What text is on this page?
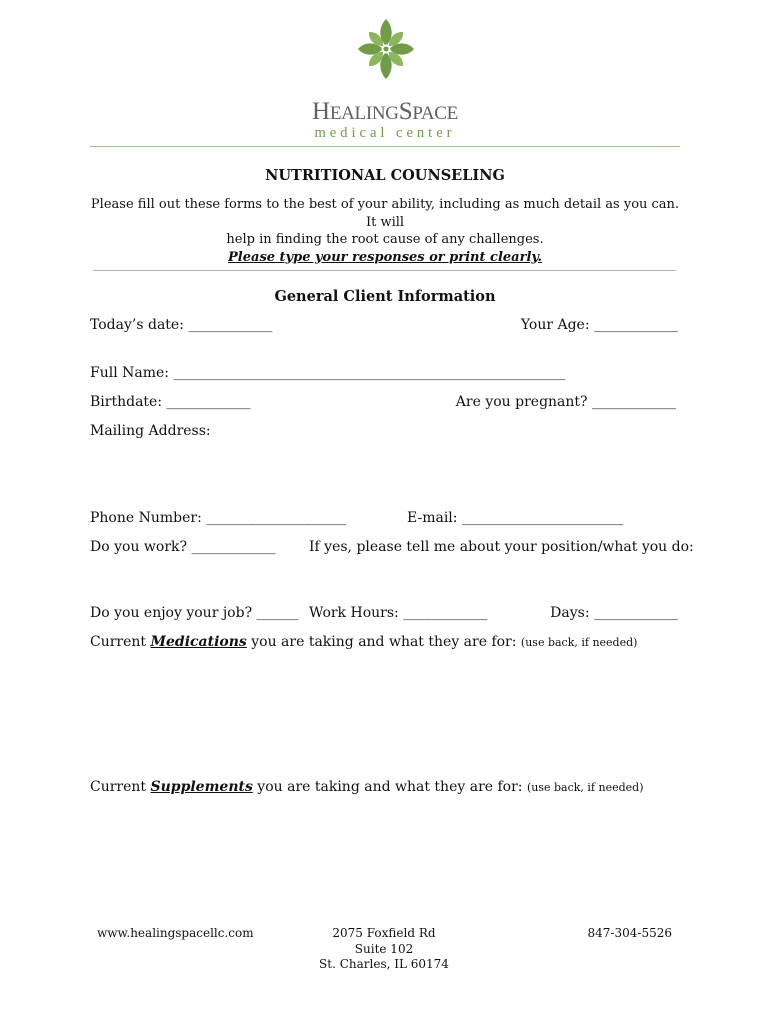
HEALINGSPACE
medical center
NUTRITIONAL COUNSELING
Please fill out these forms to the best of your ability, including as much detail as you can. It will
help in finding the root cause of any challenges.
Please type your responses or print clearly.
General Client Information
Today’s date: ____________	Your Age: ____________
Full Name: ________________________________________________________
Birthdate: ____________	Are you pregnant? ____________
Mailing Address:
Phone Number: ____________________	E-mail: _______________________
Do you work? ____________ If yes, please tell me about your position/what you do:
Do you enjoy your job? ______ Work Hours: ____________	Days: ____________
Current Medications you are taking and what they are for: (use back, if needed)
Current Supplements you are taking and what they are for: (use back, if needed)
www.healingspacellc.com	2075 Foxfield Rd
Suite 102
St. Charles, IL 60174
847-304-5526
